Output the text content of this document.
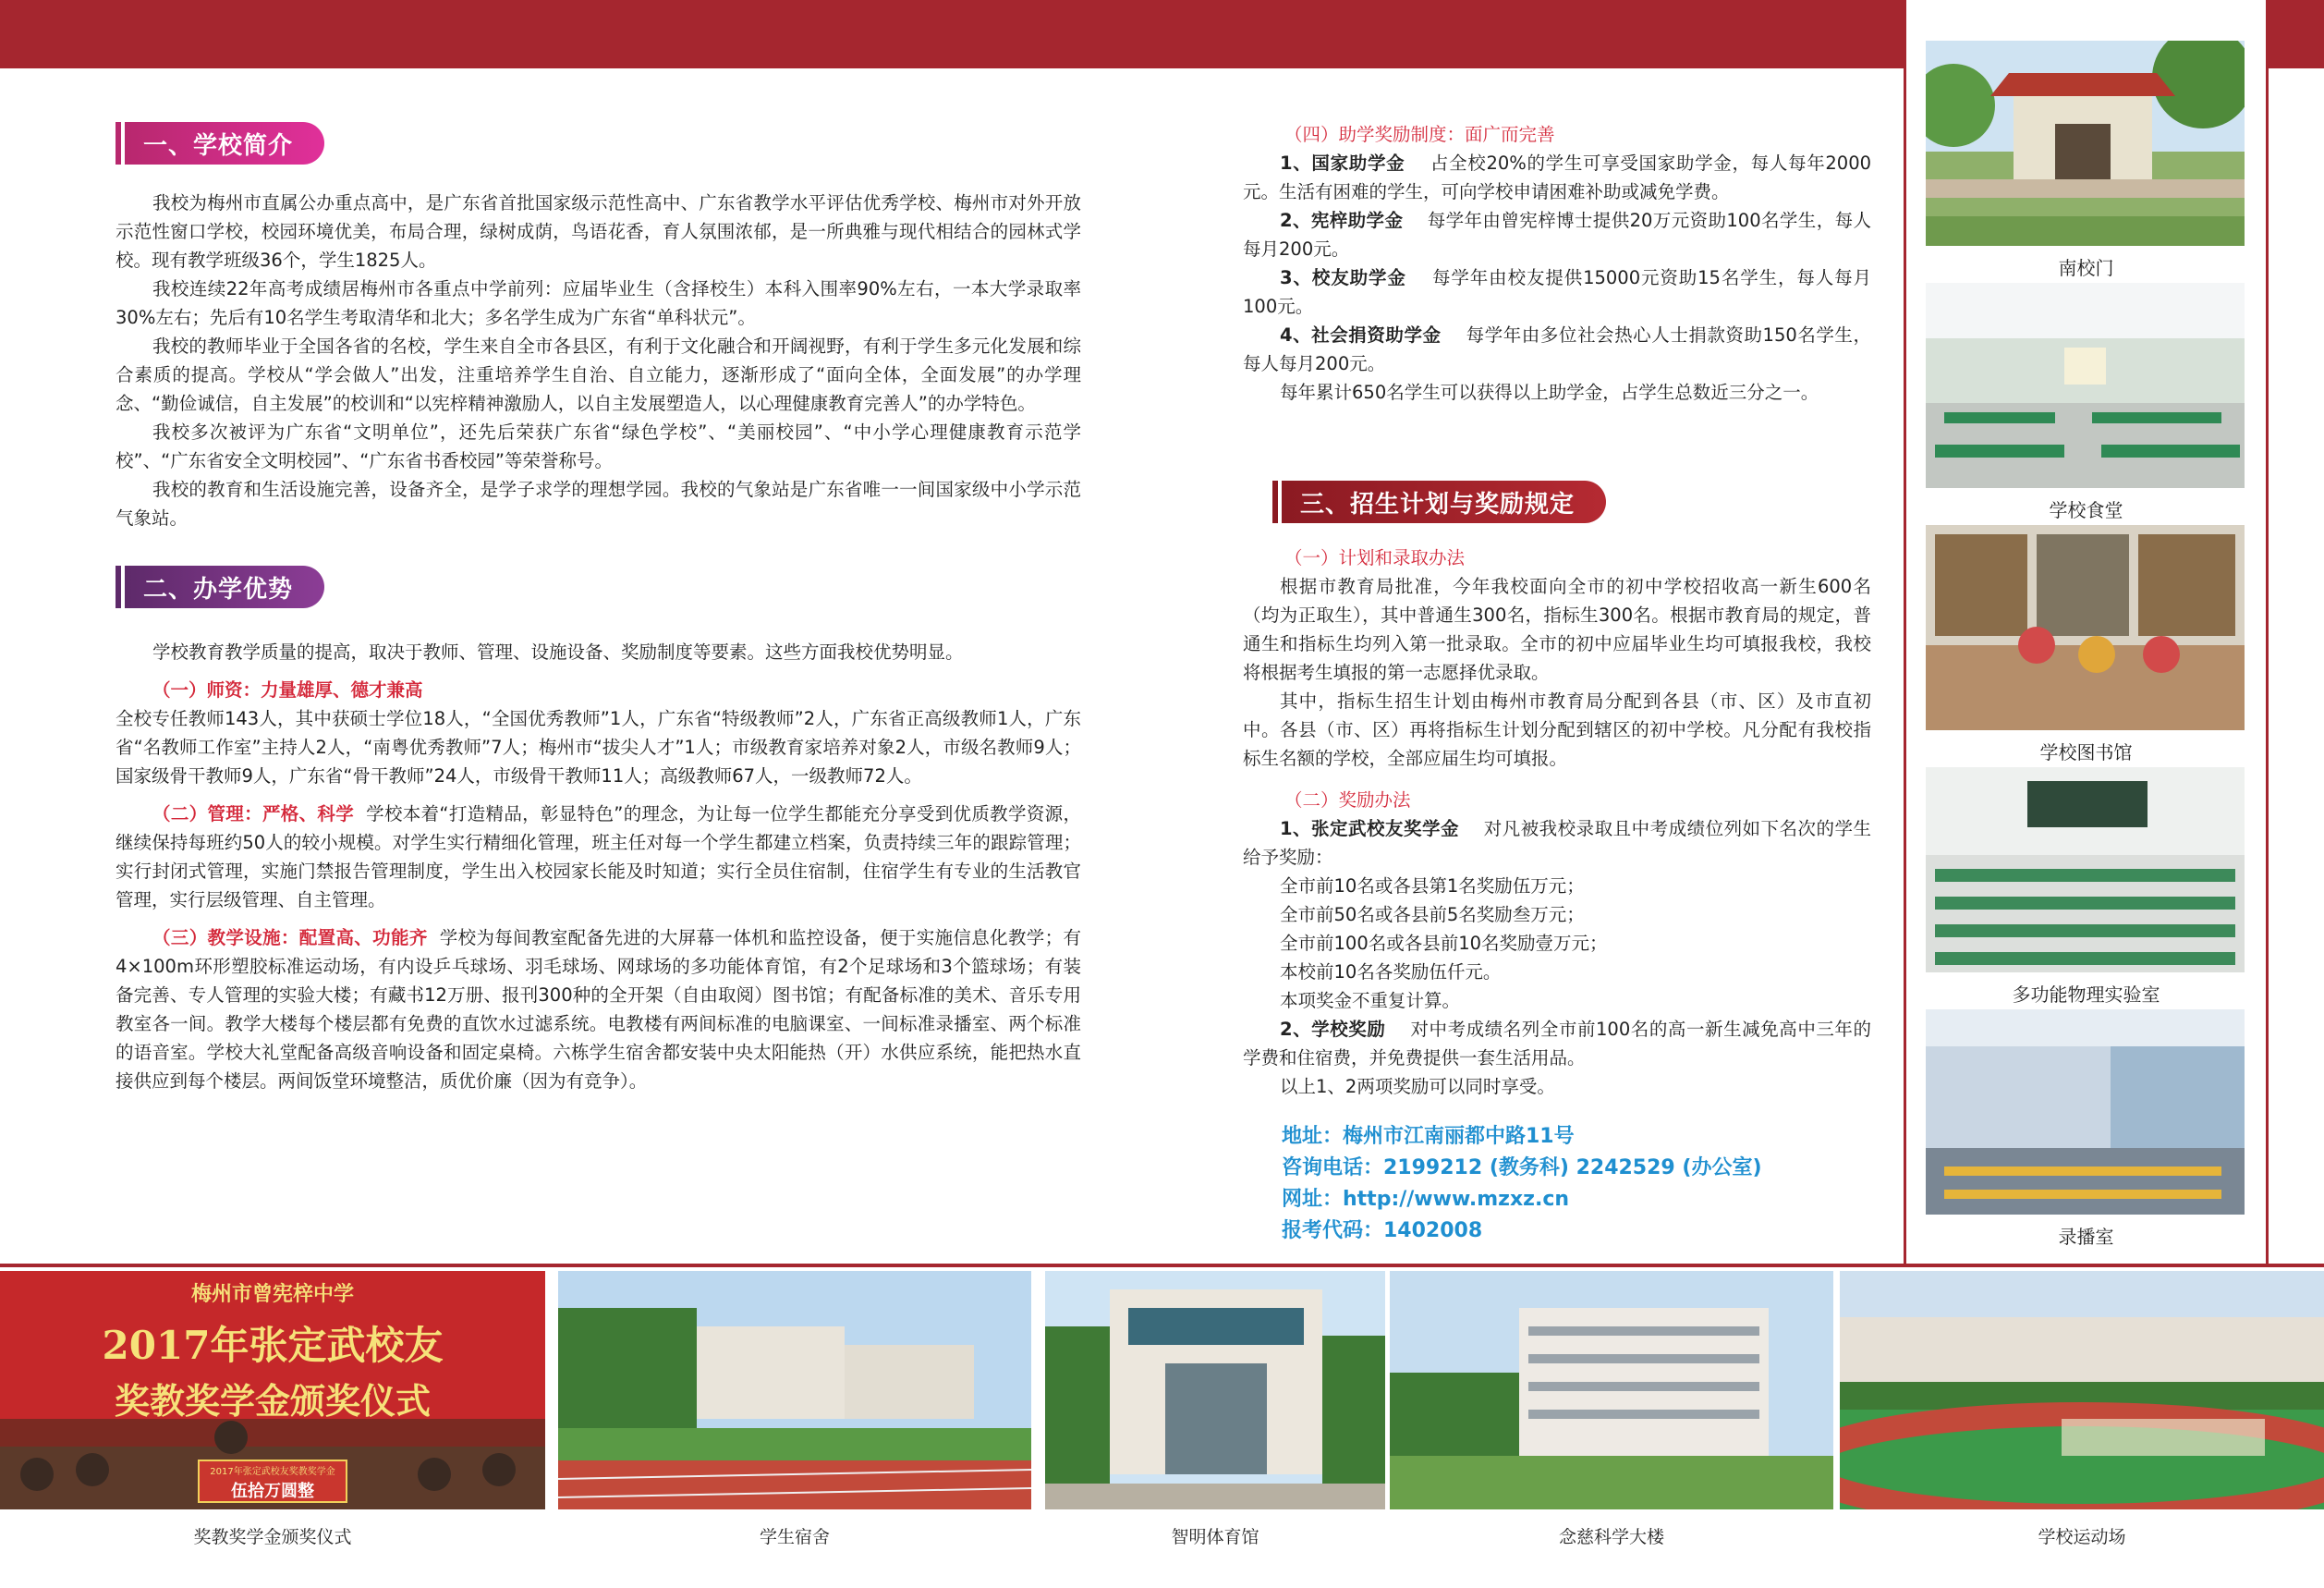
一、学校简介

我校为梅州市直属公办重点高中，是广东省首批国家级示范性高中、广东省教学水平评估优秀学校、梅州市对外开放示范性窗口学校，校园环境优美，布局合理，绿树成荫，鸟语花香，育人氛围浓郁，是一所典雅与现代相结合的园林式学校。现有教学班级36个，学生1825人。

我校连续22年高考成绩居梅州市各重点中学前列：应届毕业生（含择校生）本科入围率90%左右，一本大学录取率30%左右；先后有10名学生考取清华和北大；多名学生成为广东省“单科状元”。

我校的教师毕业于全国各省的名校，学生来自全市各县区，有利于文化融合和开阔视野，有利于学生多元化发展和综合素质的提高。学校从“学会做人”出发，注重培养学生自治、自立能力，逐渐形成了“面向全体，全面发展”的办学理念、“勤俭诚信，自主发展”的校训和“以宪梓精神激励人，以自主发展塑造人，以心理健康教育完善人”的办学特色。

我校多次被评为广东省“文明单位”，还先后荣获广东省“绿色学校”、“美丽校园”、“中小学心理健康教育示范学校”、“广东省安全文明校园”、“广东省书香校园”等荣誉称号。

我校的教育和生活设施完善，设备齐全，是学子求学的理想学园。我校的气象站是广东省唯一一间国家级中小学示范气象站。

二、办学优势

学校教育教学质量的提高，取决于教师、管理、设施设备、奖励制度等要素。这些方面我校优势明显。

（一）师资：力量雄厚、德才兼高
全校专任教师143人，其中获硕士学位18人，“全国优秀教师”1人，广东省“特级教师”2人，广东省正高级教师1人，广东省“名教师工作室”主持人2人，“南粤优秀教师”7人；梅州市“拔尖人才”1人；市级教育家培养对象2人，市级名教师9人；国家级骨干教师9人，广东省“骨干教师”24人，市级骨干教师11人；高级教师67人，一级教师72人。

（二）管理：严格、科学 学校本着“打造精品，彰显特色”的理念，为让每一位学生都能充分享受到优质教学资源，继续保持每班约50人的较小规模。对学生实行精细化管理，班主任对每一个学生都建立档案，负责持续三年的跟踪管理；实行封闭式管理，实施门禁报告管理制度，学生出入校园家长能及时知道；实行全员住宿制，住宿学生有专业的生活教官管理，实行层级管理、自主管理。

（三）教学设施：配置高、功能齐 学校为每间教室配备先进的大屏幕一体机和监控设备，便于实施信息化教学；有4×100m环形塑胶标准运动场，有内设乒乓球场、羽毛球场、网球场的多功能体育馆，有2个足球场和3个篮球场；有装备完善、专人管理的实验大楼；有藏书12万册、报刊300种的全开架（自由取阅）图书馆；有配备标准的美术、音乐专用教室各一间。教学大楼每个楼层都有免费的直饮水过滤系统。电教楼有两间标准的电脑课室、一间标准录播室、两个标准的语音室。学校大礼堂配备高级音响设备和固定桌椅。六栋学生宿舍都安装中央太阳能热（开）水供应系统，能把热水直接供应到每个楼层。两间饭堂环境整洁，质优价廉（因为有竞争）。

（四）助学奖励制度：面广而完善

1、国家助学金 占全校20%的学生可享受国家助学金，每人每年2000元。生活有困难的学生，可向学校申请困难补助或减免学费。

2、宪梓助学金 每学年由曾宪梓博士提供20万元资助100名学生，每人每月200元。

3、校友助学金 每学年由校友提供15000元资助15名学生，每人每月100元。

4、社会捐资助学金 每学年由多位社会热心人士捐款资助150名学生，每人每月200元。

每年累计650名学生可以获得以上助学金，占学生总数近三分之一。

三、招生计划与奖励规定

（一）计划和录取办法

根据市教育局批准，今年我校面向全市的初中学校招收高一新生600名（均为正取生），其中普通生300名，指标生300名。根据市教育局的规定，普通生和指标生均列入第一批录取。全市的初中应届毕业生均可填报我校，我校将根据考生填报的第一志愿择优录取。

其中，指标生招生计划由梅州市教育局分配到各县（市、区）及市直初中。各县（市、区）再将指标生计划分配到辖区的初中学校。凡分配有我校指标生名额的学校，全部应届生均可填报。

（二）奖励办法

1、张定武校友奖学金 对凡被我校录取且中考成绩位列如下名次的学生给予奖励：

全市前10名或各县第1名奖励伍万元；

全市前50名或各县前5名奖励叁万元；

全市前100名或各县前10名奖励壹万元；

本校前10名各奖励伍仟元。

本项奖金不重复计算。

2、学校奖励 对中考成绩名列全市前100名的高一新生减免高中三年的学费和住宿费，并免费提供一套生活用品。

以上1、2两项奖励可以同时享受。

地址：梅州市江南丽都中路11号

咨询电话：2199212 (教务科) 2242529 (办公室)

网址：http://www.mzxz.cn

报考代码：1402008

南校门
学校食堂
学校图书馆
多功能物理实验室
录播室
梅州市曾宪梓中学
2017年张定武校友
奖教奖学金颁奖仪式
2017年张定武校友奖教奖学金
伍拾万圆整
奖教奖学金颁奖仪式	学生宿舍	智明体育馆	念慈科学大楼	学校运动场
